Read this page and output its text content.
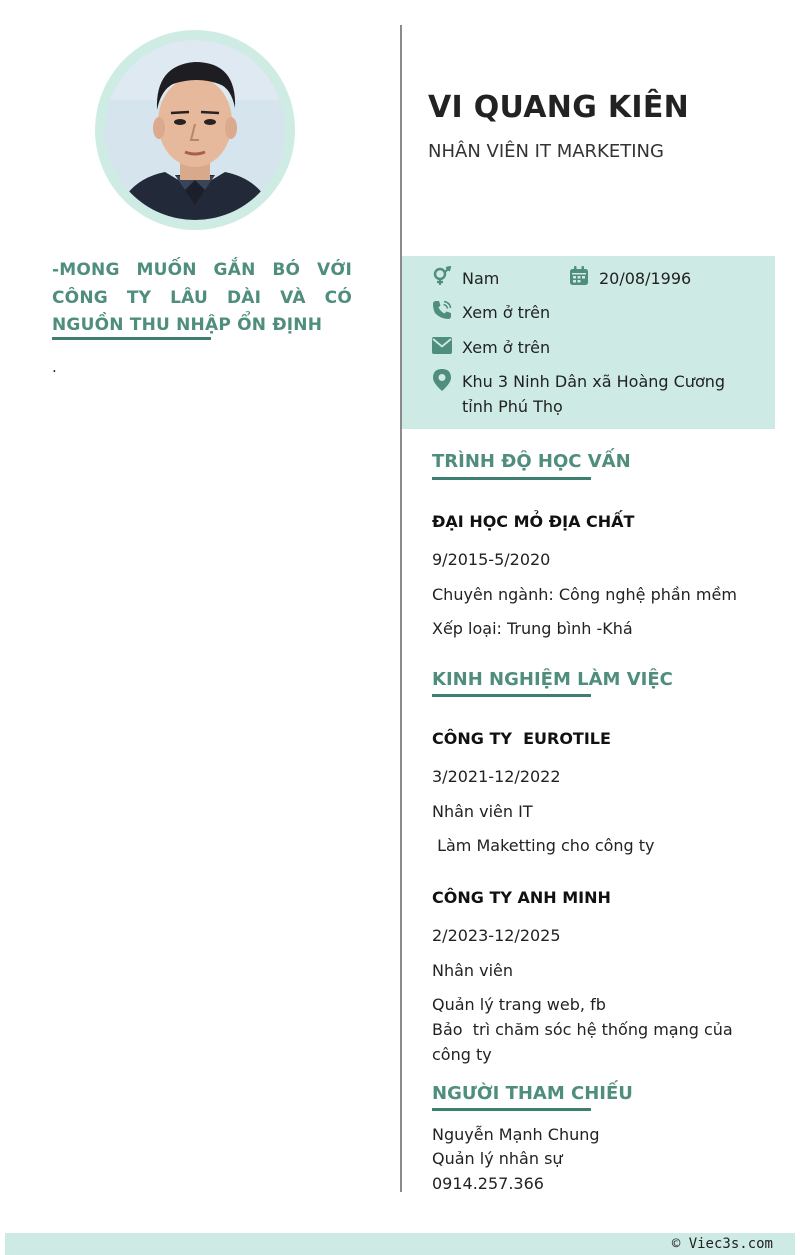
-MONG MUỐN GẮN BÓ VỚI CÔNG TY LÂU DÀI VÀ CÓ NGUỒN THU NHẬP ỔN ĐỊNH
.
VI QUANG KIÊN
NHÂN VIÊN IT MARKETING
Nam	20/08/1996
Xem ở trên
Xem ở trên
Khu 3 Ninh Dân xã Hoàng Cương
tỉnh Phú Thọ
TRÌNH ĐỘ HỌC VẤN
ĐẠI HỌC MỎ ĐỊA CHẤT
9/2015-5/2020
Chuyên ngành: Công nghệ phần mềm
Xếp loại: Trung bình -Khá
KINH NGHIỆM LÀM VIỆC
CÔNG TY  EUROTILE
3/2021-12/2022
Nhân viên IT
Làm Maketting cho công ty
CÔNG TY ANH MINH
2/2023-12/2025
Nhân viên
Quản lý trang web, fb
Bảo  trì chăm sóc hệ thống mạng của
công ty
NGƯỜI THAM CHIẾU
Nguyễn Mạnh Chung
Quản lý nhân sự
0914.257.366
© Viec3s.com
